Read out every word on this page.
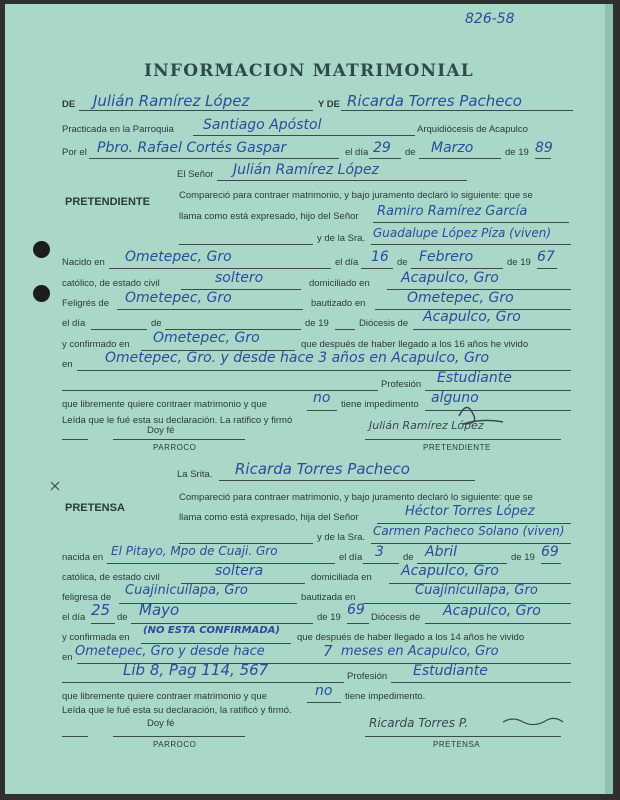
826-58
INFORMACION MATRIMONIAL
DE Julián Ramírez López	Y DE Ricarda Torres Pacheco
Practicada en la Parroquia Santiago Apóstol	Arquidiócesis de Acapulco
Por el Pbro. Rafael Cortés Gaspar	el día 29 de Marzo	de 19 89
El Señor Julián Ramírez López
PRETENDIENTE
Compareció para contraer matrimonio, y bajo juramento declaró lo siguiente: que se
llama como está expresado, hijo del Señor Ramiro Ramírez García
y de la Sra. Guadalupe López Píza (viven)
Nacido en Ometepec, Gro	el día 16 de Febrero	de 19 67
católico, de estado civil	soltero	domiciliado en Acapulco, Gro
Feligrés de Ometepec, Gro	bautizado en	Ometepec, Gro
el día	de	de 19	Diócesis de Acapulco, Gro
y confirmado en Ometepec, Gro	que después de haber llegado a los 16 años he vivido
en Ometepec, Gro. y desde hace 3 años en Acapulco, Gro
Profesión Estudiante
que libremente quiere contraer matrimonio y que	no tiene impedimento alguno
Leída que le fué esta su declaración. La ratifico y firmó
Doy fé
PARROCO
Julián Ramírez López
PRETENDIENTE
La Srita. Ricarda Torres Pacheco
PRETENSA
Compareció para contraer matrimonio, y bajo juramento declaró lo siguiente: que se
llama como está expresado, hija del Señor	Héctor Torres López
y de la Sra. Carmen Pacheco Solano (viven)
nacida en El Pitayo, Mpo de Cuaji. Gro	el día 3 de Abril	de 19 69
católica, de estado civil	soltera	domiciliada en Acapulco, Gro
feligresa de Cuajinicuilapa, Gro	bautizada en	Cuajinicuilapa, Gro
el día 25 de Mayo	de 19 69 Diócesis de Acapulco, Gro
y confirmada en
(NO ESTA CONFIRMADA)
que después de haber llegado a los 14 años he vivido
en Ometepec, Gro y desde hace	7 meses en Acapulco, Gro
Lib 8, Pag 114, 567	Profesión Estudiante
que libremente quiere contraer matrimonio y que	no tiene impedimento.
Leída que le fué esta su declaración, la ratificó y firmó.
Doy fé
PARROCO
Ricarda Torres P.
PRETENSA
